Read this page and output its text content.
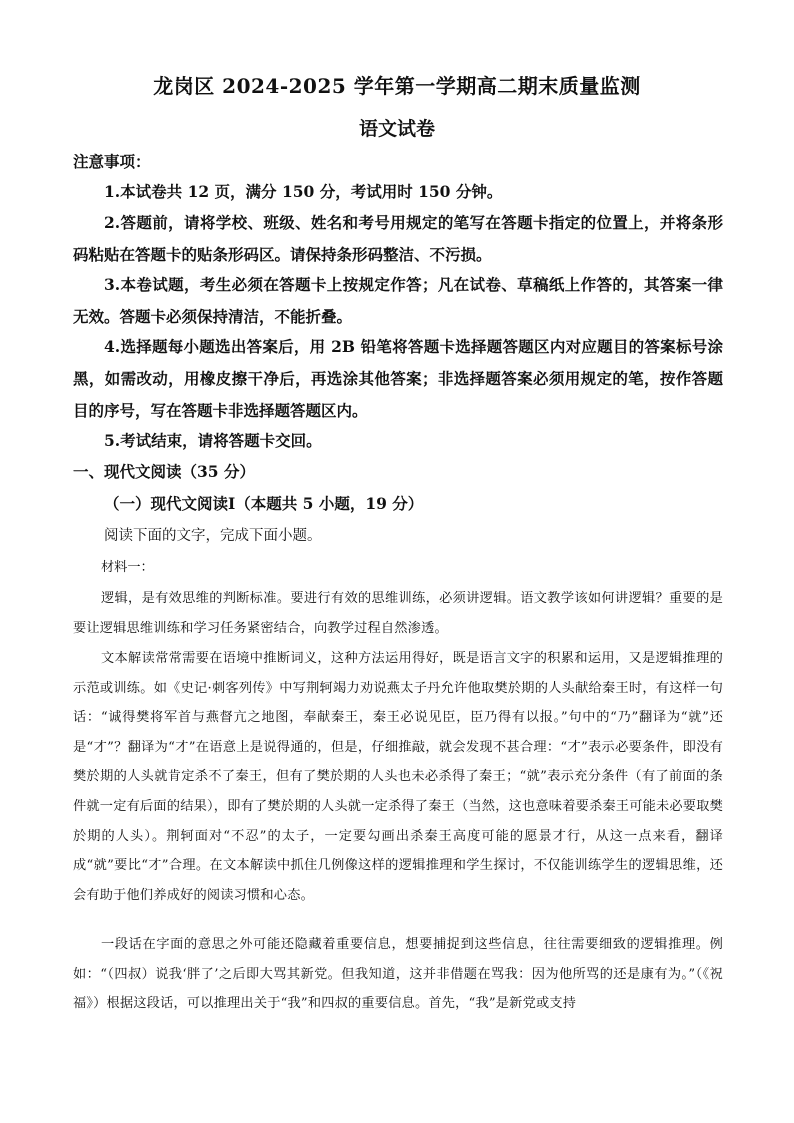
龙岗区 2024-2025 学年第一学期高二期末质量监测
语文试卷
注意事项：
1.本试卷共 12 页，满分 150 分，考试用时 150 分钟。
2.答题前，请将学校、班级、姓名和考号用规定的笔写在答题卡指定的位置上，并将条形码粘贴在答题卡的贴条形码区。请保持条形码整洁、不污损。
3.本卷试题，考生必须在答题卡上按规定作答；凡在试卷、草稿纸上作答的，其答案一律无效。答题卡必须保持清洁，不能折叠。
4.选择题每小题选出答案后，用 2B 铅笔将答题卡选择题答题区内对应题目的答案标号涂黑，如需改动，用橡皮擦干净后，再选涂其他答案；非选择题答案必须用规定的笔，按作答题目的序号，写在答题卡非选择题答题区内。
5.考试结束，请将答题卡交回。
一、现代文阅读（35 分）
（一）现代文阅读Ⅰ（本题共 5 小题，19 分）
阅读下面的文字，完成下面小题。
材料一：
逻辑，是有效思维的判断标准。要进行有效的思维训练，必须讲逻辑。语文教学该如何讲逻辑？重要的是要让逻辑思维训练和学习任务紧密结合，向教学过程自然渗透。
文本解读常常需要在语境中推断词义，这种方法运用得好，既是语言文字的积累和运用，又是逻辑推理的示范或训练。如《史记·刺客列传》中写荆轲竭力劝说燕太子丹允许他取樊於期的人头献给秦王时，有这样一句话：“诚得樊将军首与燕督亢之地图，奉献秦王，秦王必说见臣，臣乃得有以报。”句中的“乃”翻译为“就”还是“才”？翻译为“才”在语意上是说得通的，但是，仔细推敲，就会发现不甚合理：“才”表示必要条件，即没有樊於期的人头就肯定杀不了秦王，但有了樊於期的人头也未必杀得了秦王；“就”表示充分条件（有了前面的条件就一定有后面的结果），即有了樊於期的人头就一定杀得了秦王（当然，这也意味着要杀秦王可能未必要取樊於期的人头）。荆轲面对“不忍”的太子，一定要勾画出杀秦王高度可能的愿景才行，从这一点来看，翻译成“就”要比“才”合理。在文本解读中抓住几例像这样的逻辑推理和学生探讨，不仅能训练学生的逻辑思维，还会有助于他们养成好的阅读习惯和心态。
一段话在字面的意思之外可能还隐藏着重要信息，想要捕捉到这些信息，往往需要细致的逻辑推理。例如：“（四叔）说我‘胖了’之后即大骂其新党。但我知道，这并非借题在骂我：因为他所骂的还是康有为。”（《祝福》）根据这段话，可以推理出关于“我”和四叔的重要信息。首先，“我”是新党或支持
